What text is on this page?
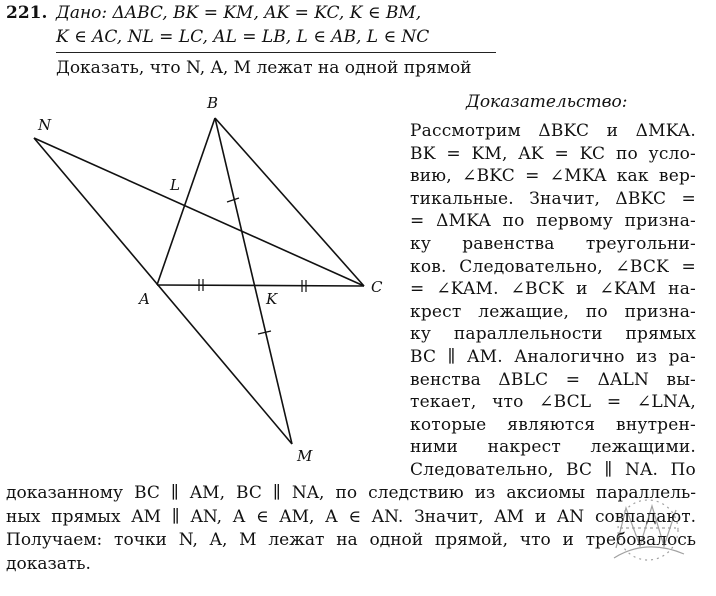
221. Дано: ΔABC, BK = KM, AK = KC, K ∈ BM,
K ∈ AC, NL = LC, AL = LB, L ∈ AB, L ∈ NC
Доказать, что N, A, M лежат на одной прямой
Доказательство:
N
B
L
A	K
C
M
Рассмотрим ΔBKC и ΔMKA.
BK = KM, AK = KC по усло-
вию, ∠BKC = ∠MKA как вер-
тикальные. Значит, ΔBKC =
= ΔMKA по первому призна-
ку равенства треугольни-
ков. Следовательно, ∠BCK =
= ∠KAM. ∠BCK и ∠KAM на-
крест лежащие, по призна-
ку параллельности прямых
BC ∥ AM. Аналогично из ра-
венства ΔBLC = ΔALN вы-
текает, что ∠BCL = ∠LNA,
которые являются внутрен-
ними накрест лежащими.
Следовательно, BC ∥ NA. По
доказанному BC ∥ AM, BC ∥ NA, по следствию из аксиомы параллель-
ных прямых AM ∥ AN, A ∈ AM, A ∈ AN. Значит, AM и AN совпадают.
Получаем: точки N, A, M лежат на одной прямой, что и требовалось
доказать.
